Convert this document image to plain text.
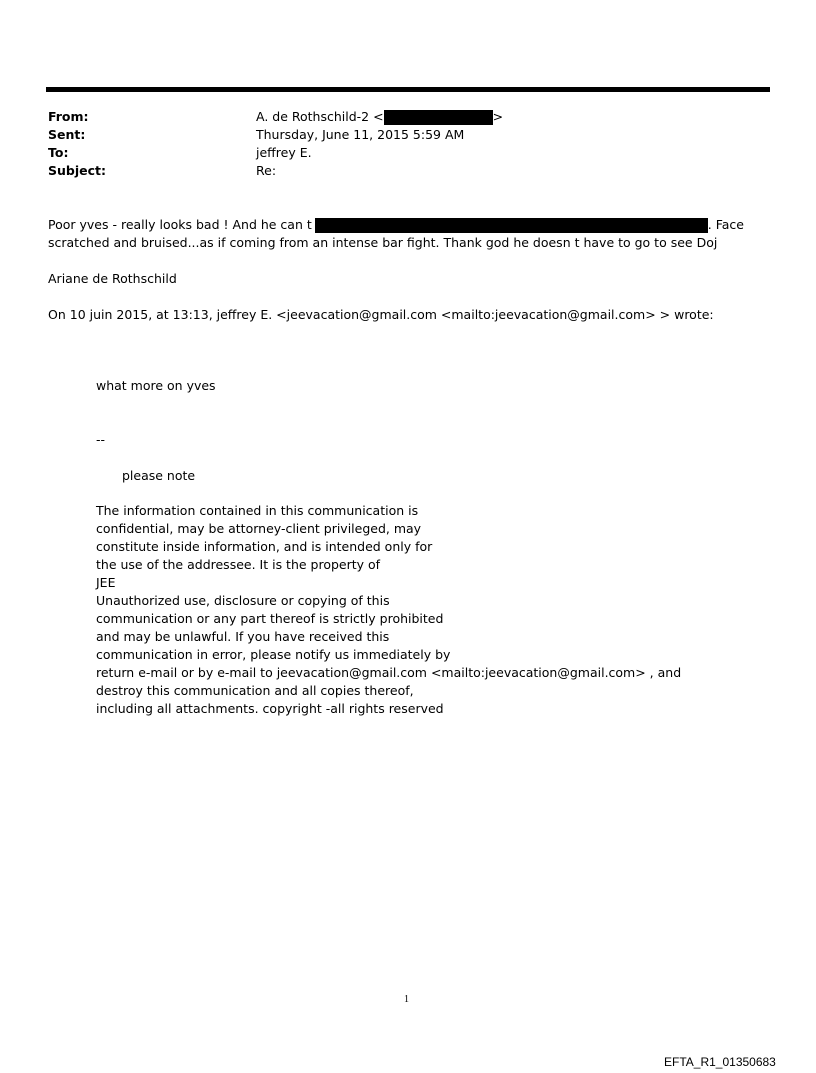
From:	A. de Rothschild-2 <	>
Sent:	Thursday, June 11, 2015 5:59 AM
To:	jeffrey E.
Subject:	Re:
Poor yves - really looks bad ! And he can t	. Face
scratched and bruised...as if coming from an intense bar fight. Thank god he doesn t have to go to see Doj
Ariane de Rothschild
On 10 juin 2015, at 13:13, jeffrey E. <jeevacation@gmail.com <mailto:jeevacation@gmail.com> > wrote:
what more on yves
--
please note
The information contained in this communication is
confidential, may be attorney-client privileged, may
constitute inside information, and is intended only for
the use of the addressee. It is the property of
JEE
Unauthorized use, disclosure or copying of this
communication or any part thereof is strictly prohibited
and may be unlawful. If you have received this
communication in error, please notify us immediately by
return e-mail or by e-mail to jeevacation@gmail.com <mailto:jeevacation@gmail.com> , and
destroy this communication and all copies thereof,
including all attachments. copyright -all rights reserved
1
EFTA_R1_01350683
